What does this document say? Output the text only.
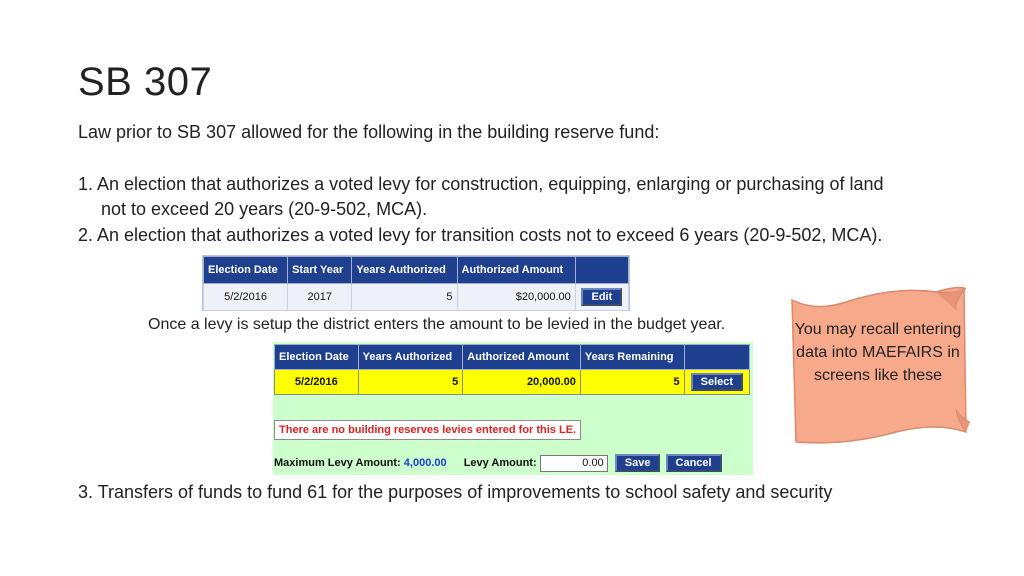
SB 307
Law prior to SB 307 allowed for the following in the building reserve fund:
1. An election that authorizes a voted levy for construction, equipping, enlarging or purchasing of land
not to exceed 20 years (20-9-502, MCA).
2. An election that authorizes a voted levy for transition costs not to exceed 6 years (20-9-502, MCA).
Election Date	Start Year	Years Authorized	Authorized Amount	
5/2/2016	2017	5	$20,000.00	Edit
Once a levy is setup the district enters the amount to be levied in the budget year.
Election Date	Years Authorized	Authorized Amount	Years Remaining	
5/2/2016	5	20,000.00	5	Select
There are no building reserves levies entered for this LE.
Maximum Levy Amount: 4,000.00 Levy Amount:	0.00 Save Cancel
You may recall entering data into MAEFAIRS in screens like these
3. Transfers of funds to fund 61 for the purposes of improvements to school safety and security
